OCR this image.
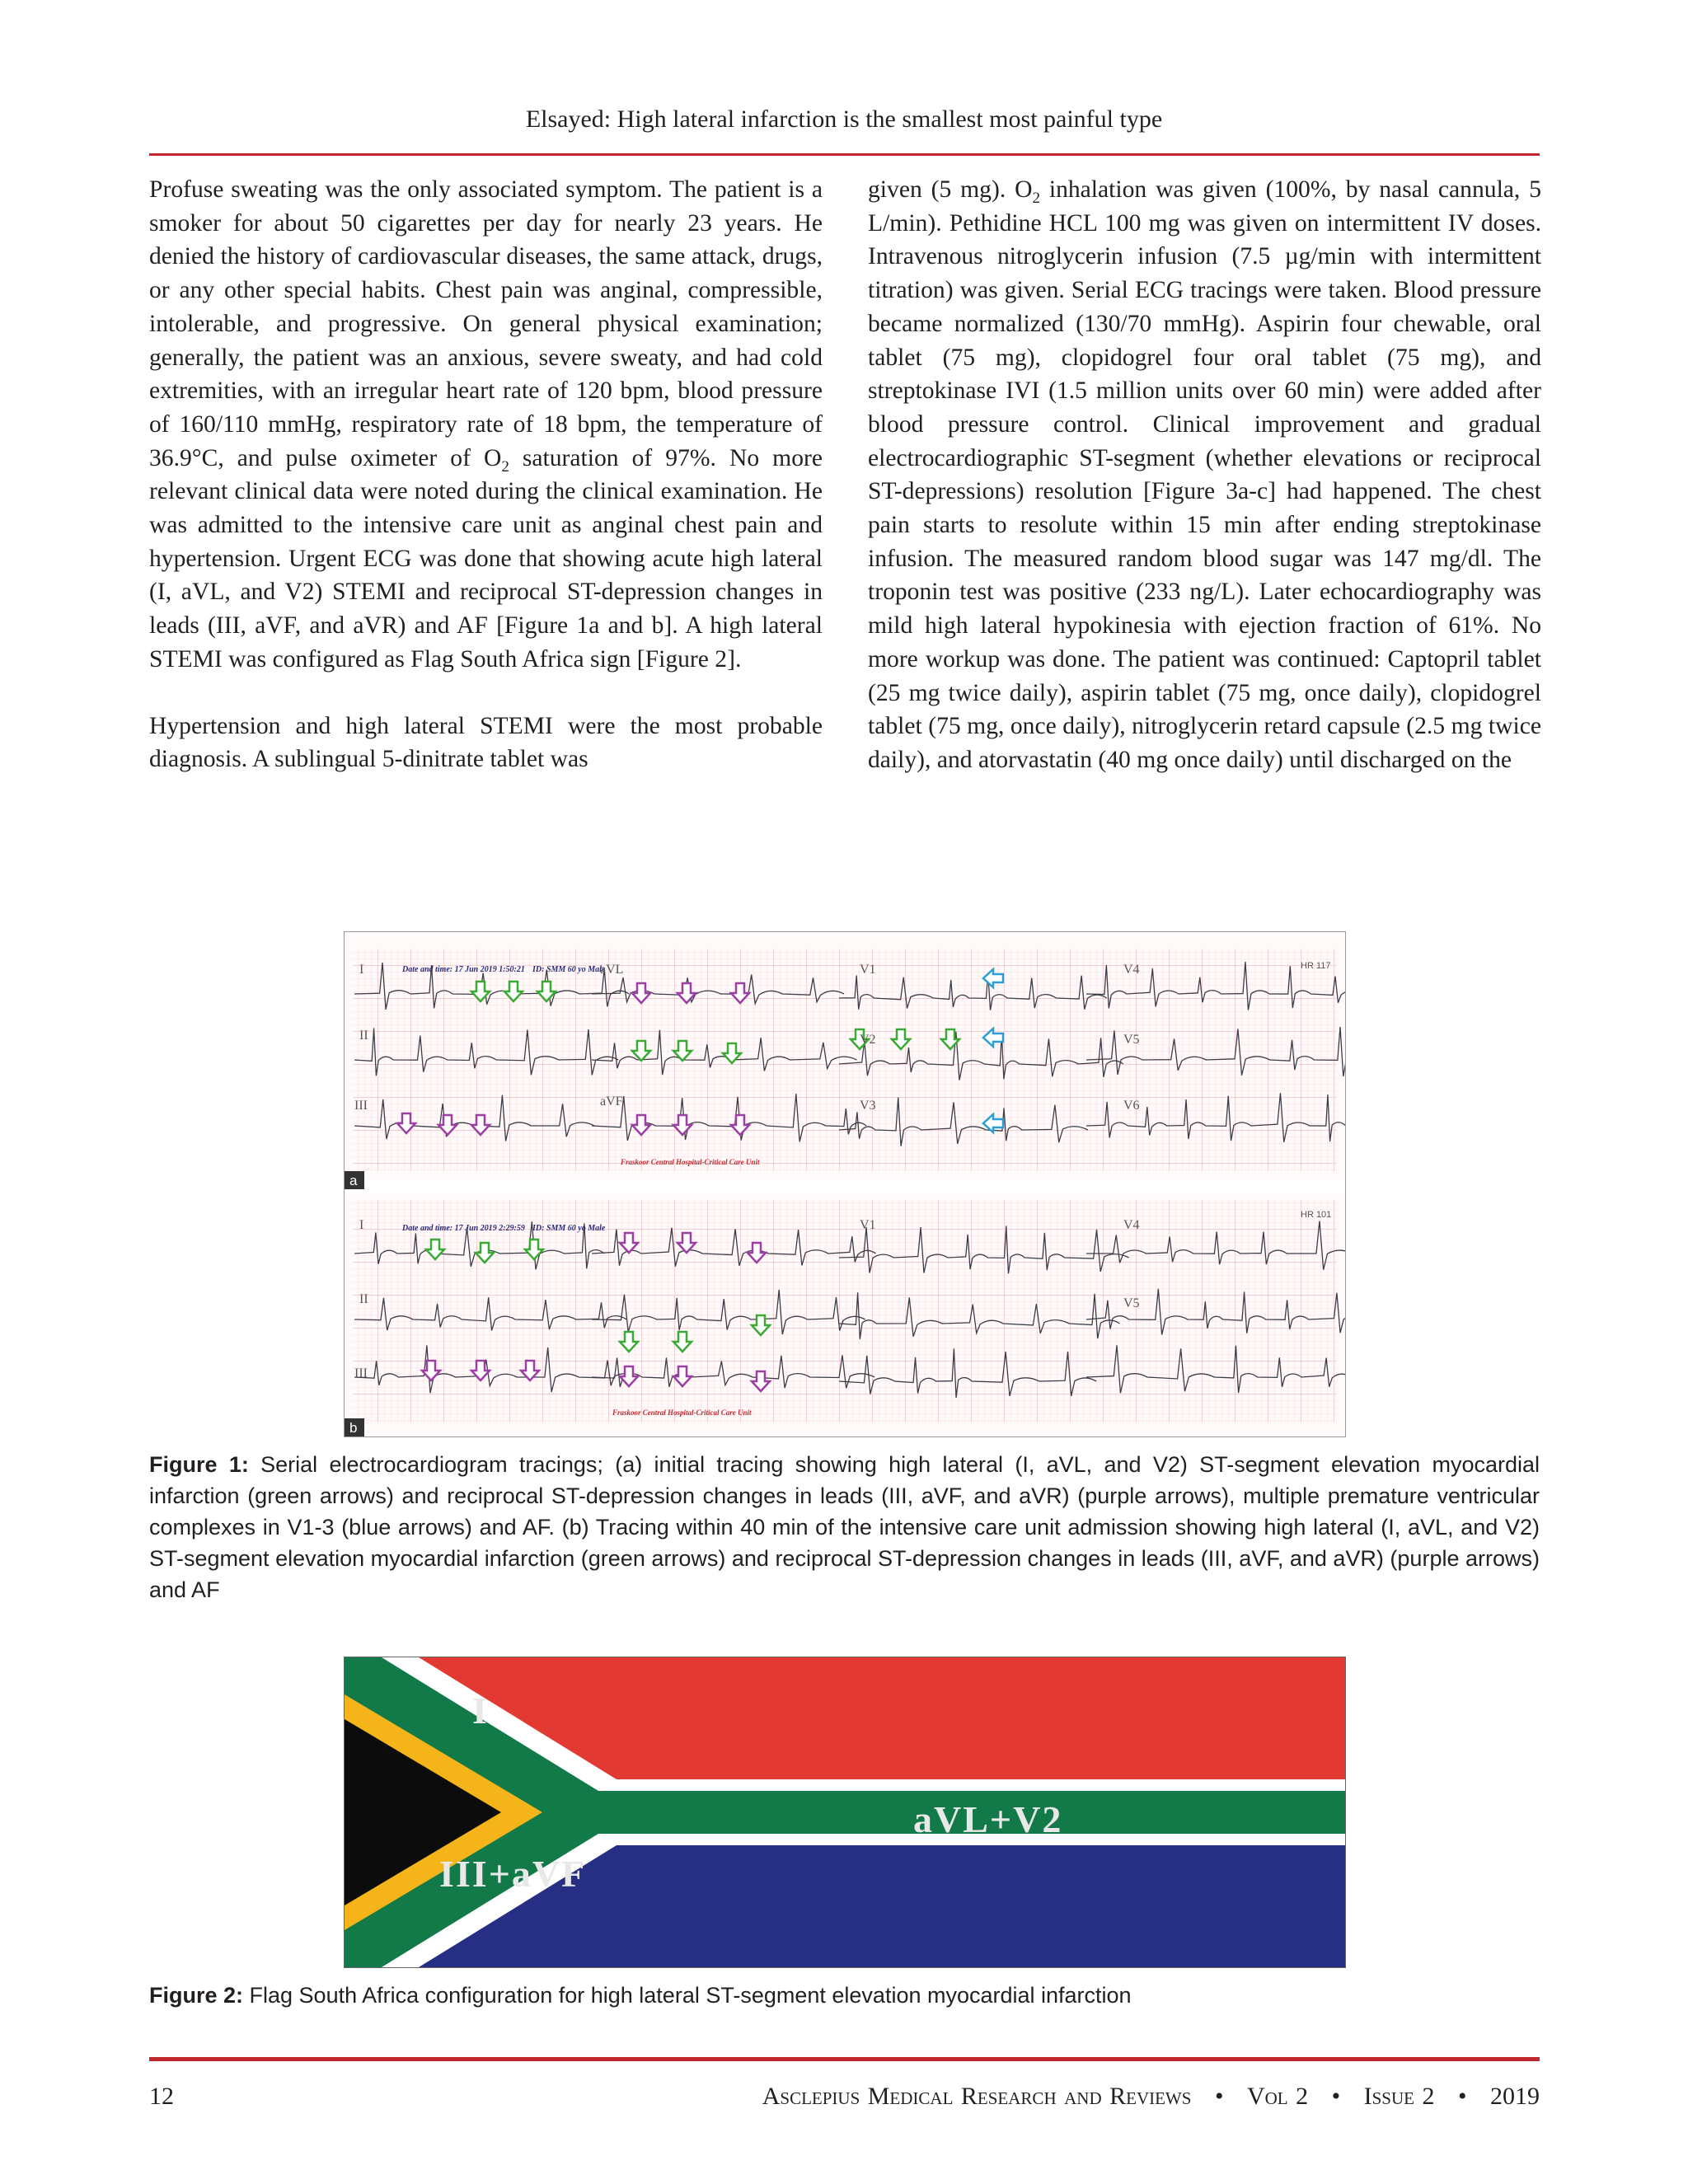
Elsayed: High lateral infarction is the smallest most painful type

Profuse sweating was the only associated symptom. The patient is a smoker for about 50 cigarettes per day for nearly 23 years. He denied the history of cardiovascular diseases, the same attack, drugs, or any other special habits. Chest pain was anginal, compressible, intolerable, and progressive. On general physical examination; generally, the patient was an anxious, severe sweaty, and had cold extremities, with an irregular heart rate of 120 bpm, blood pressure of 160/110 mmHg, respiratory rate of 18 bpm, the temperature of 36.9°C, and pulse oximeter of $O_2$ saturation of 97%. No more relevant clinical data were noted during the clinical examination. He was admitted to the intensive care unit as anginal chest pain and hypertension. Urgent ECG was done that showing acute high lateral (I, aVL, and V2) STEMI and reciprocal ST-depression changes in leads (III, aVF, and aVR) and AF [Figure 1a and b]. A high lateral STEMI was configured as Flag South Africa sign [Figure 2].

Hypertension and high lateral STEMI were the most probable diagnosis. A sublingual 5-dinitrate tablet was

given (5 mg). $O_2$ inhalation was given (100%, by nasal cannula, 5 L/min). Pethidine HCL 100 mg was given on intermittent IV doses. Intravenous nitroglycerin infusion (7.5 µg/min with intermittent titration) was given. Serial ECG tracings were taken. Blood pressure became normalized (130/70 mmHg). Aspirin four chewable, oral tablet (75 mg), clopidogrel four oral tablet (75 mg), and streptokinase IVI (1.5 million units over 60 min) were added after blood pressure control. Clinical improvement and gradual electrocardiographic ST-segment (whether elevations or reciprocal ST-depressions) resolution [Figure 3a-c] had happened. The chest pain starts to resolute within 15 min after ending streptokinase infusion. The measured random blood sugar was 147 mg/dl. The troponin test was positive (233 ng/L). Later echocardiography was mild high lateral hypokinesia with ejection fraction of 61%. No more workup was done. The patient was continued: Captopril tablet (25 mg twice daily), aspirin tablet (75 mg, once daily), clopidogrel tablet (75 mg, once daily), nitroglycerin retard capsule (2.5 mg twice daily), and atorvastatin (40 mg once daily) until discharged on the

Date and time: 17 Jun 2019 1:50:21 ID: SMM 60 yo Male
Fraskoor Central Hospital-Critical Care Unit
HR 117
Date and time: 17 Jun 2019 2:29:59 ID: SMM 60 yo Male
Fraskoor Central Hospital-Critical Care Unit
HR 101
I
II
III
aVL
aVF
V1
V2
V3
V4
V5
V6
I
II
III
V1	V4
V5
a
b
Figure 1: Serial electrocardiogram tracings; (a) initial tracing showing high lateral (I, aVL, and V2) ST-segment elevation myocardial infarction (green arrows) and reciprocal ST-depression changes in leads (III, aVF, and aVR) (purple arrows), multiple premature ventricular complexes in V1-3 (blue arrows) and AF. (b) Tracing within 40 min of the intensive care unit admission showing high lateral (I, aVL, and V2) ST-segment elevation myocardial infarction (green arrows) and reciprocal ST-depression changes in leads (III, aVF, and aVR) (purple arrows) and AF
I
III+aVF
aVL+V2
Figure 2: Flag South Africa configuration for high lateral ST-segment elevation myocardial infarction
12	Asclepius Medical Research and Reviews • Vol 2 • Issue 2 • 2019
